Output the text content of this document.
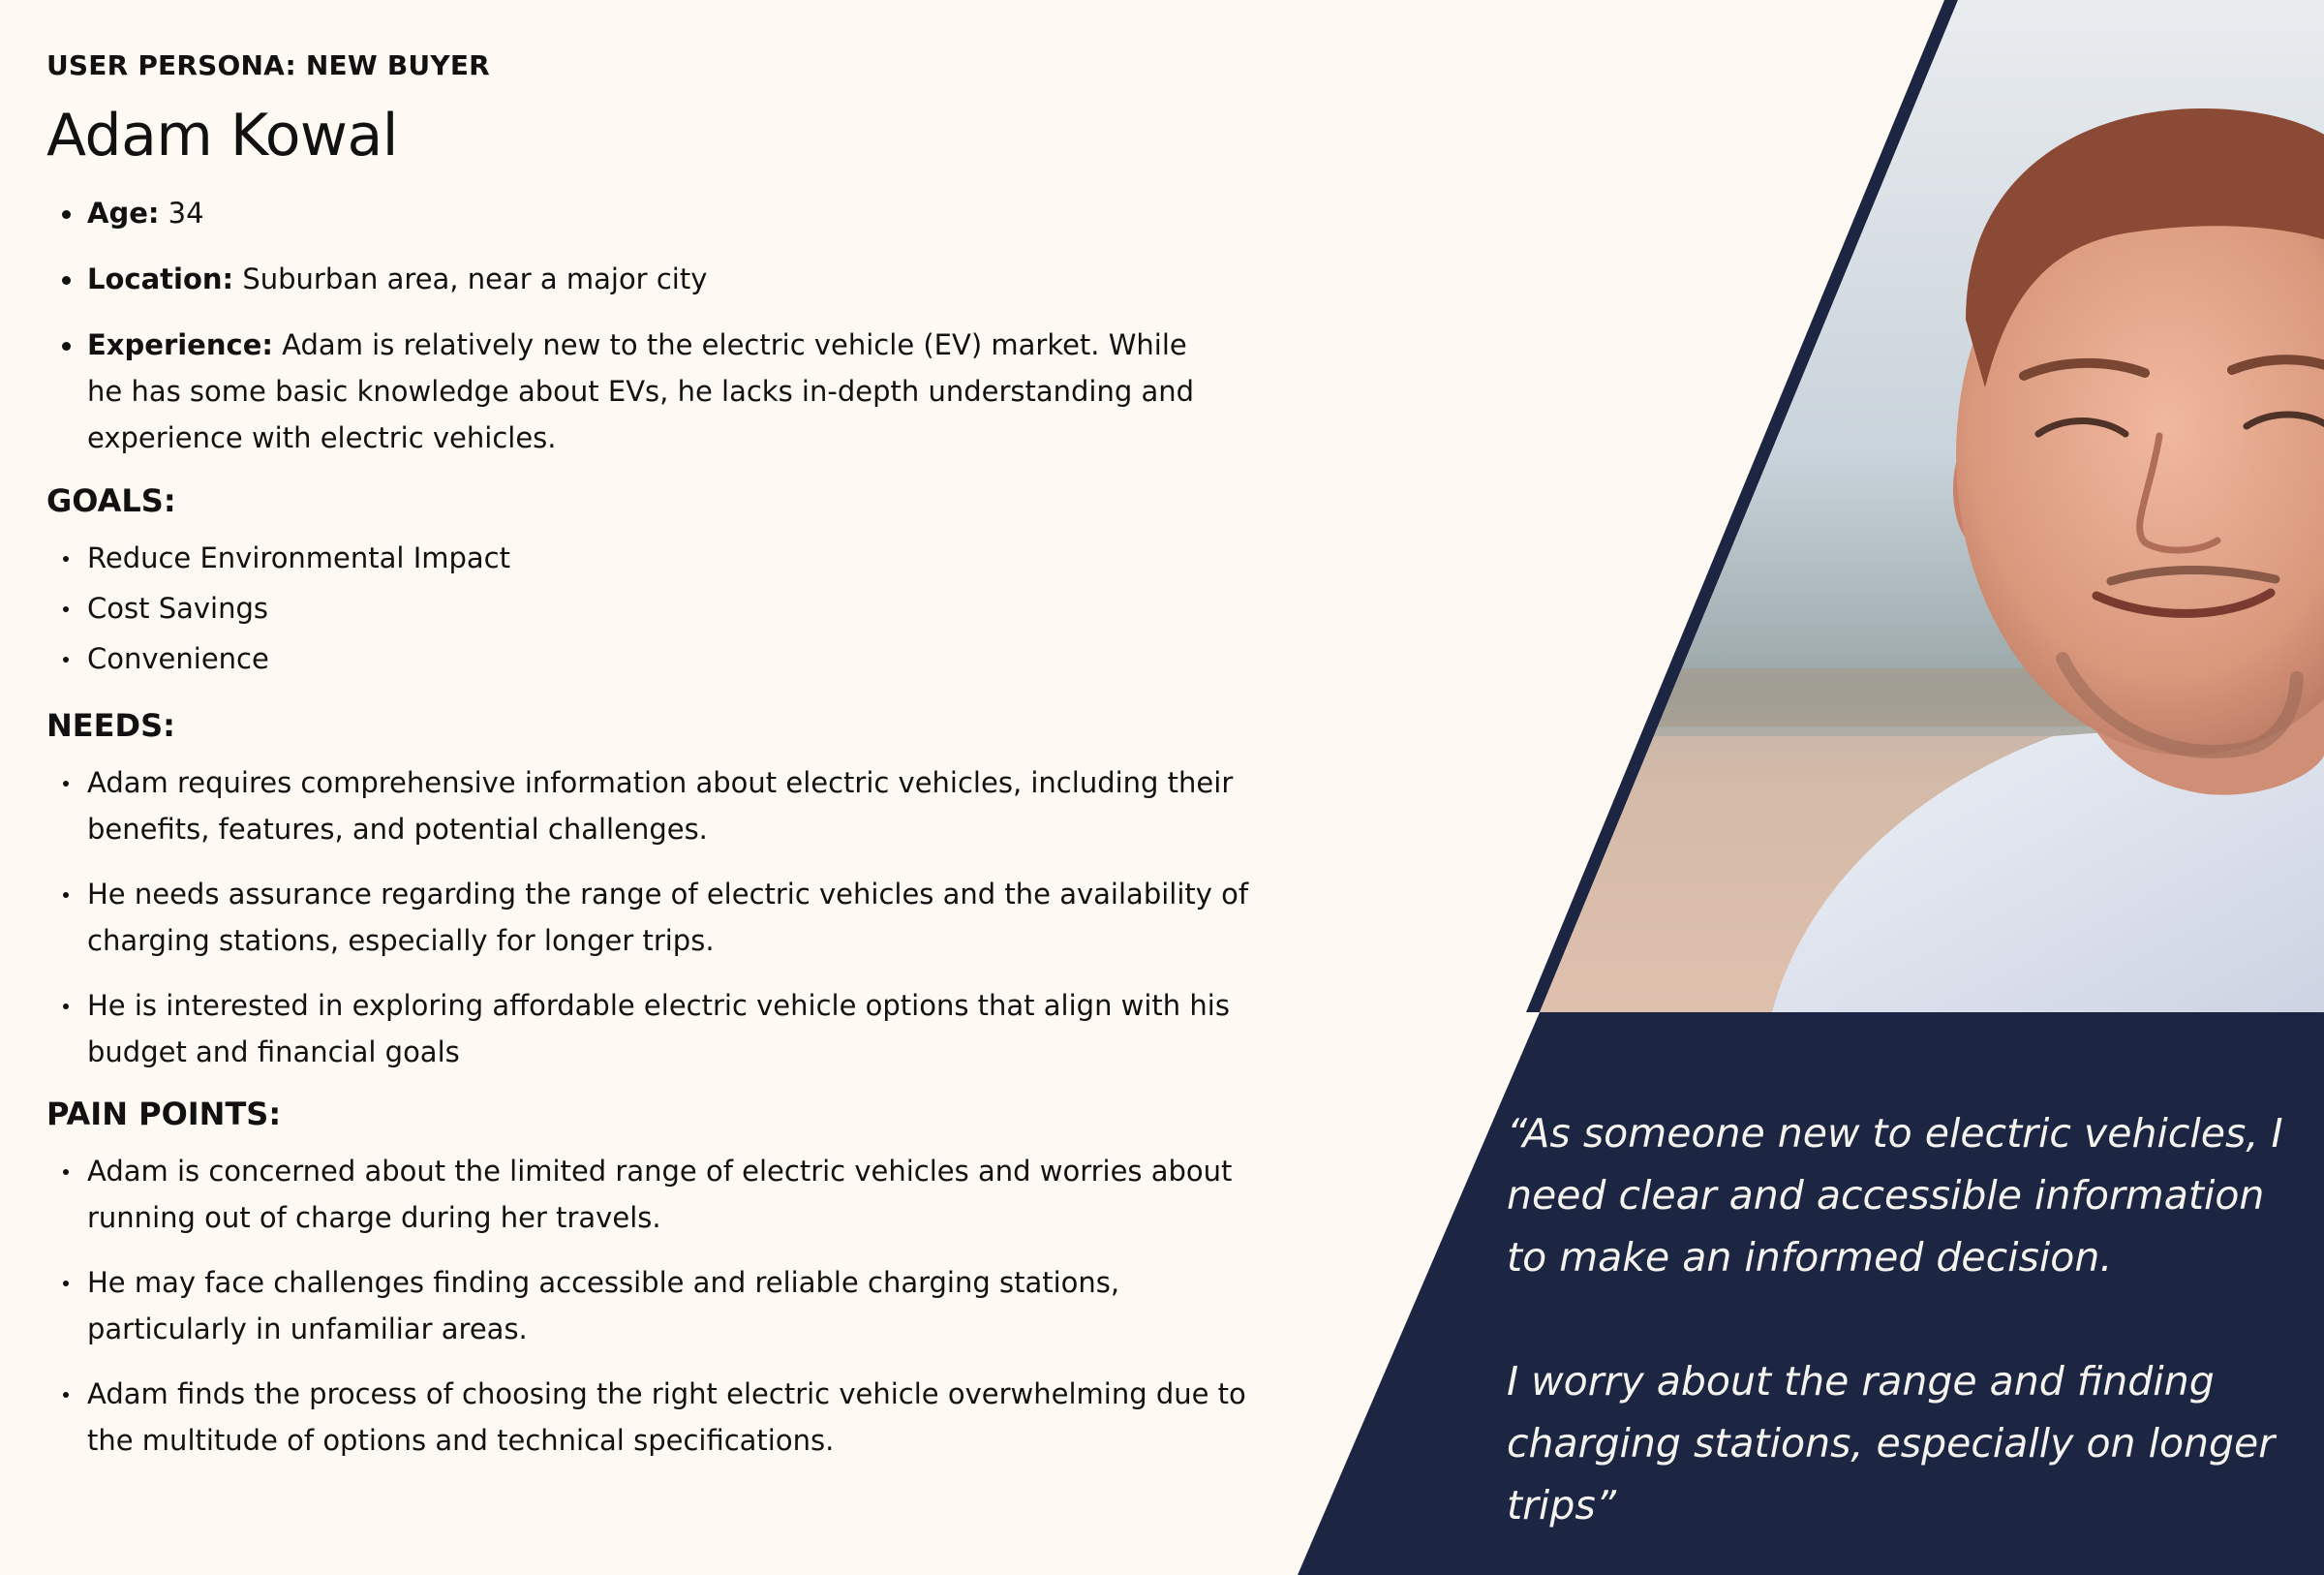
USER PERSONA: NEW BUYER

Adam Kowal
Age: 34
Location: Suburban area, near a major city
Experience: Adam is relatively new to the electric vehicle (EV) market. While he has some basic knowledge about EVs, he lacks in-depth understanding and experience with electric vehicles.
GOALS:
Reduce Environmental Impact
Cost Savings
Convenience
NEEDS:
Adam requires comprehensive information about electric vehicles, including their benefits, features, and potential challenges.
He needs assurance regarding the range of electric vehicles and the availability of charging stations, especially for longer trips.
He is interested in exploring affordable electric vehicle options that align with his budget and financial goals
PAIN POINTS:
Adam is concerned about the limited range of electric vehicles and worries about running out of charge during her travels.
He may face challenges finding accessible and reliable charging stations, particularly in unfamiliar areas.
Adam finds the process of choosing the right electric vehicle overwhelming due to the multitude of options and technical specifications.

“As someone new to electric vehicles, I need clear and accessible information to make an informed decision.

I worry about the range and finding charging stations, especially on longer trips”
